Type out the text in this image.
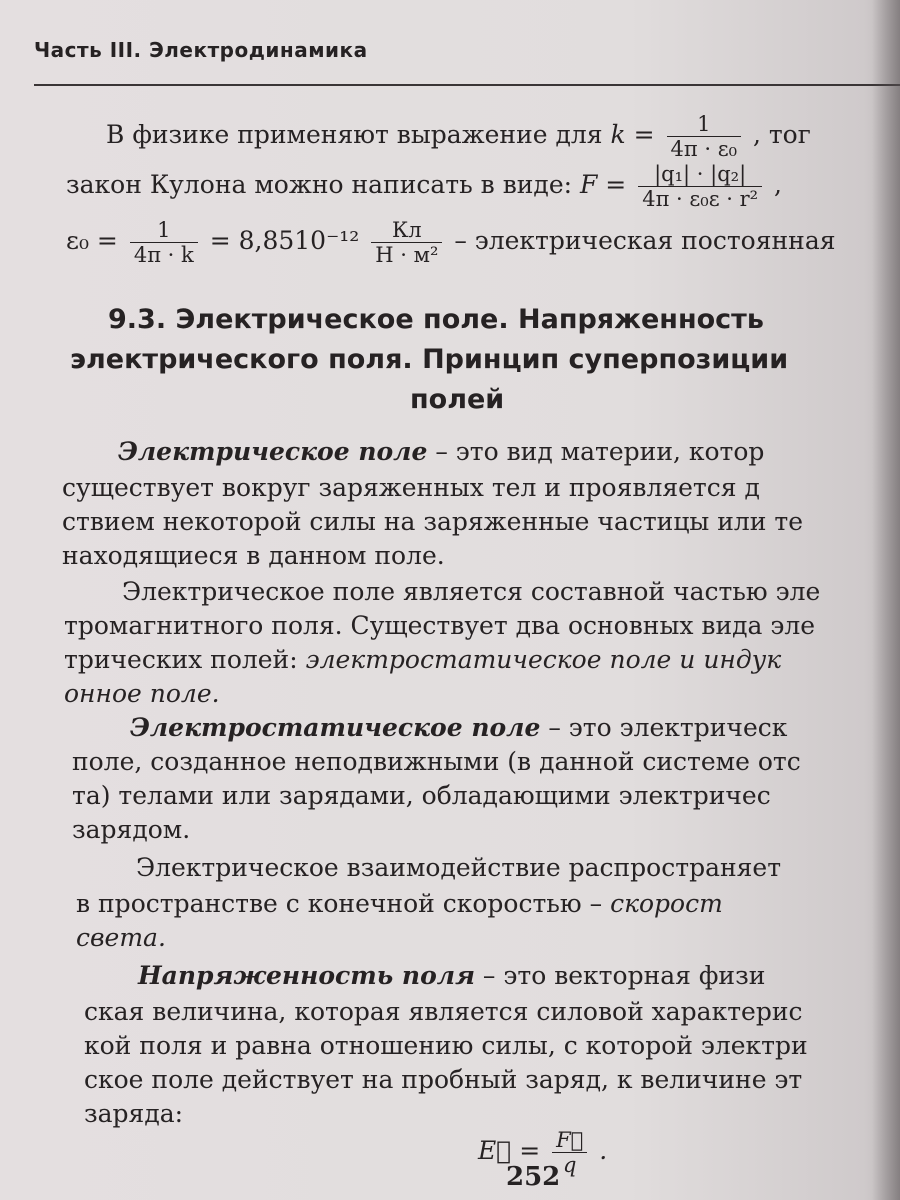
Часть III. Электродинамика
В физике применяют выражение для $k = \frac{1}{\text{4π · ε₀}}$ , тог
закон Кулона можно написать в виде: $F = \frac{\text{|q₁| · |q₂|}}{\text{4π · ε₀ε · r²}}$ ,
$\varepsilon_0 = \frac{1}{4\pi \cdot k} = 8,8510^{-12} \frac{Кл}{\text{Н · м²}}$ – электрическая постоянная
9.3. Электрическое поле. Напряженность
электрического поля. Принцип суперпозиции
полей
Электрическое поле – это вид материи, котор
существует вокруг заряженных тел и проявляется д
ствием некоторой силы на заряженные частицы или те
находящиеся в данном поле.
Электрическое поле является составной частью эле
тромагнитного поля. Существует два основных вида эле
трических полей: электростатическое поле и индук
онное поле.
Электростатическое поле – это электрическ
поле, созданное неподвижными (в данной системе отс
та) телами или зарядами, обладающими электричес
зарядом.
Электрическое взаимодействие распространяет
в пространстве с конечной скоростью – скорост
света.
Напряженность поля – это векторная физи
ская величина, которая является силовой характерис
кой поля и равна отношению силы, с которой электри
ское поле действует на пробный заряд, к величине эт
заряда:
E⃗ = $\frac{F⃗}{q}$ .
252
